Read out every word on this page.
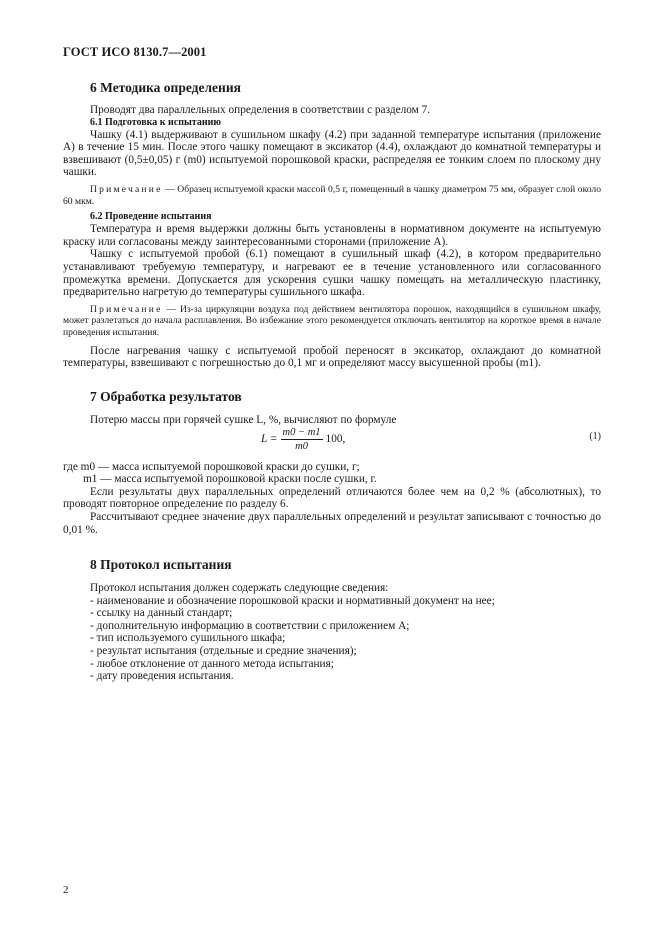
ГОСТ ИСО 8130.7—2001
6 Методика определения

Проводят два параллельных определения в соответствии с разделом 7.

6.1 Подготовка к испытанию

Чашку (4.1) выдерживают в сушильном шкафу (4.2) при заданной температуре испытания (приложение А) в течение 15 мин. После этого чашку помещают в эксикатор (4.4), охлаждают до комнатной температуры и взвешивают (0,5±0,05) г (m0) испытуемой порошковой краски, распределяя ее тонким слоем по плоскому дну чашки.

Примечание — Образец испытуемой краски массой 0,5 г, помещенный в чашку диаметром 75 мм, образует слой около 60 мкм.

6.2 Проведение испытания

Температура и время выдержки должны быть установлены в нормативном документе на испытуемую краску или согласованы между заинтересованными сторонами (приложение А).

Чашку с испытуемой пробой (6.1) помещают в сушильный шкаф (4.2), в котором предварительно устанавливают требуемую температуру, и нагревают ее в течение установленного или согласованного промежутка времени. Допускается для ускорения сушки чашку помещать на металлическую пластинку, предварительно нагретую до температуры сушильного шкафа.

Примечание — Из-за циркуляции воздуха под действием вентилятора порошок, находящийся в сушильном шкафу, может разлетаться до начала расплавления. Во избежание этого рекомендуется отключать вентилятор на короткое время в начале проведения испытания.

После нагревания чашку с испытуемой пробой переносят в эксикатор, охлаждают до комнатной температуры, взвешивают с погрешностью до 0,1 мг и определяют массу высушенной пробы (m1).

7 Обработка результатов

Потерю массы при горячей сушке L, %, вычисляют по формуле

$L = \frac{m0 - m1}{m0} 100$,	(1)

где m0 — масса испытуемой порошковой краски до сушки, г;

m1 — масса испытуемой порошковой краски после сушки, г.

Если результаты двух параллельных определений отличаются более чем на 0,2 % (абсолютных), то проводят повторное определение по разделу 6.

Рассчитывают среднее значение двух параллельных определений и результат записывают с точностью до 0,01 %.

8 Протокол испытания

Протокол испытания должен содержать следующие сведения:

- наименование и обозначение порошковой краски и нормативный документ на нее;
- ссылку на данный стандарт;
- дополнительную информацию в соответствии с приложением А;
- тип используемого сушильного шкафа;
- результат испытания (отдельные и средние значения);
- любое отклонение от данного метода испытания;
- дату проведения испытания.
2
